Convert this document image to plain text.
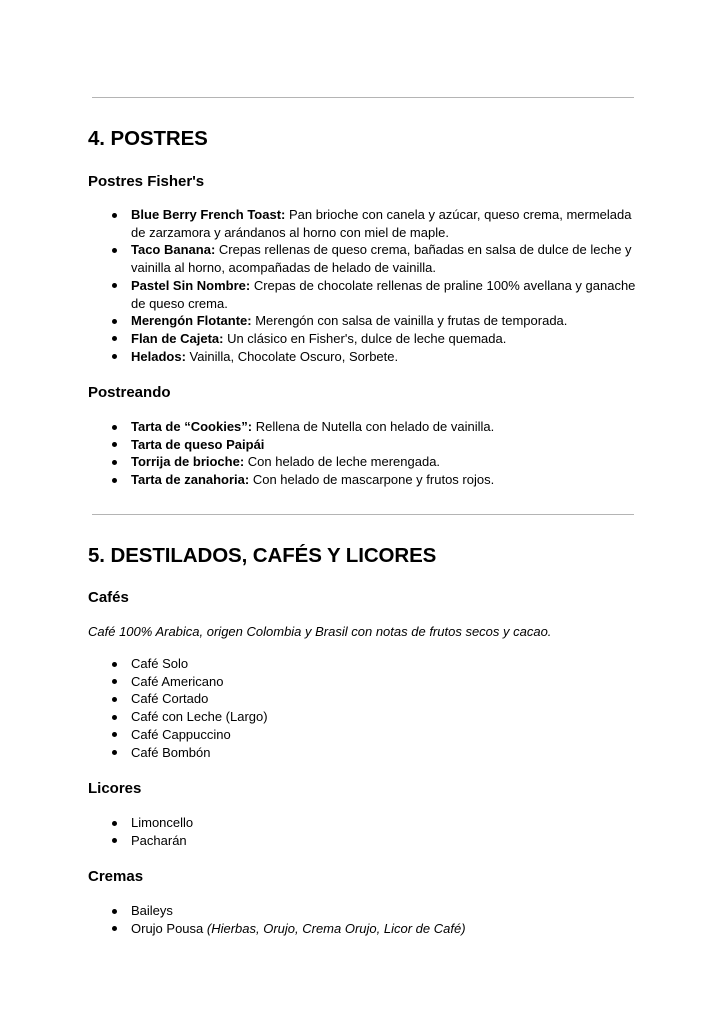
4. POSTRES
Postres Fisher's
Blue Berry French Toast: Pan brioche con canela y azúcar, queso crema, mermelada de zarzamora y arándanos al horno con miel de maple.
Taco Banana: Crepas rellenas de queso crema, bañadas en salsa de dulce de leche y vainilla al horno, acompañadas de helado de vainilla.
Pastel Sin Nombre: Crepas de chocolate rellenas de praline 100% avellana y ganache de queso crema.
Merengón Flotante: Merengón con salsa de vainilla y frutas de temporada.
Flan de Cajeta: Un clásico en Fisher's, dulce de leche quemada.
Helados: Vainilla, Chocolate Oscuro, Sorbete.
Postreando
Tarta de “Cookies”: Rellena de Nutella con helado de vainilla.
Tarta de queso Paipái
Torrija de brioche: Con helado de leche merengada.
Tarta de zanahoria: Con helado de mascarpone y frutos rojos.
5. DESTILADOS, CAFÉS Y LICORES
Cafés

Café 100% Arabica, origen Colombia y Brasil con notas de frutos secos y cacao.

Café Solo
Café Americano
Café Cortado
Café con Leche (Largo)
Café Cappuccino
Café Bombón
Licores
Limoncello
Pacharán
Cremas
Baileys
Orujo Pousa (Hierbas, Orujo, Crema Orujo, Licor de Café)
